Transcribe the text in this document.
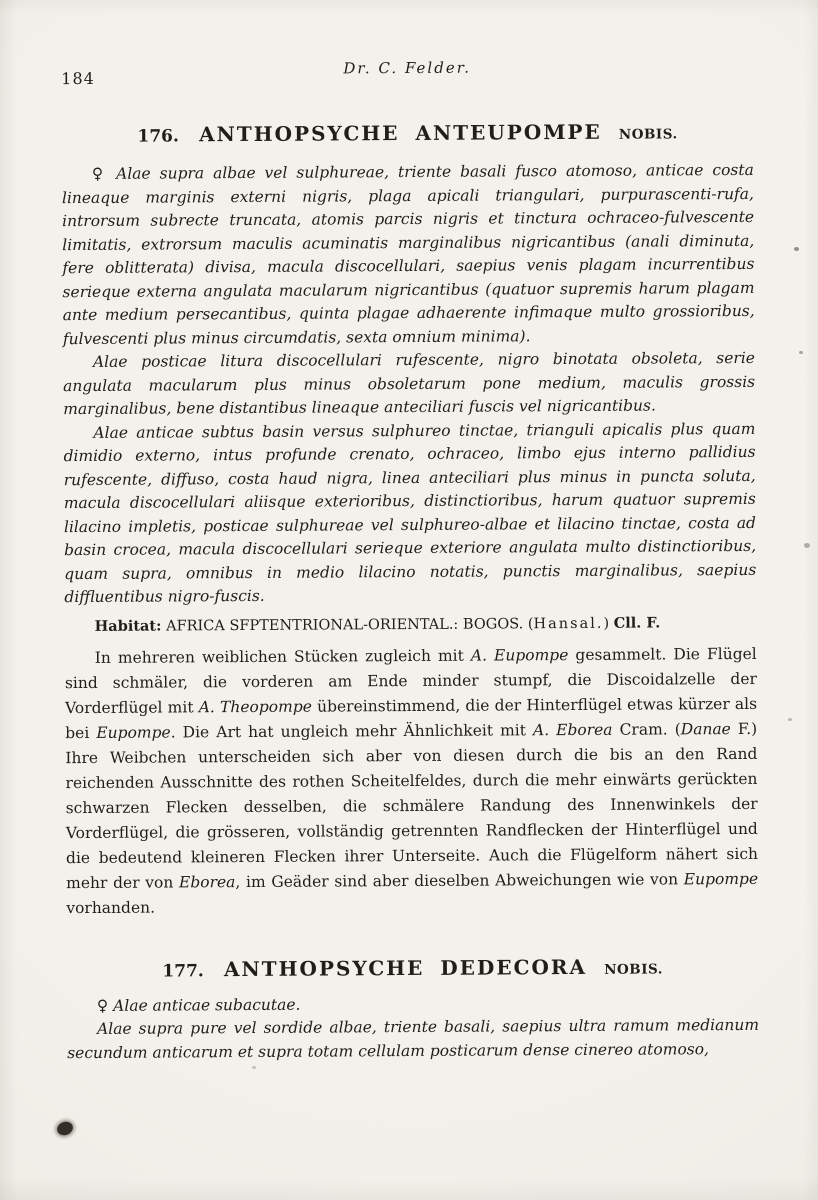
184
Dr. C. Felder.
176. ANTHOPSYCHE ANTEUPOMPE NOBIS.

♀ Alae supra albae vel sulphureae, triente basali fusco atomoso, anticae costa lineaque marginis externi nigris, plaga apicali triangulari, purpurascenti-rufa, introrsum subrecte truncata, atomis parcis nigris et tinctura ochraceo-fulvescente limitatis, extrorsum maculis acuminatis marginalibus nigricantibus (anali diminuta, fere oblitterata) divisa, macula discocellulari, saepius venis plagam incurrentibus serieque externa angulata macularum nigricantibus (quatuor supremis harum plagam ante medium persecantibus, quinta plagae adhaerente infimaque multo grossioribus, fulvescenti plus minus circumdatis, sexta omnium minima).

Alae posticae litura discocellulari rufescente, nigro binotata obsoleta, serie angulata macularum plus minus obsoletarum pone medium, maculis grossis marginalibus, bene distantibus lineaque anteciliari fuscis vel nigricantibus.

Alae anticae subtus basin versus sulphureo tinctae, trianguli apicalis plus quam dimidio externo, intus profunde crenato, ochraceo, limbo ejus interno pallidius rufescente, diffuso, costa haud nigra, linea anteciliari plus minus in puncta soluta, macula discocellulari aliisque exterioribus, distinctioribus, harum quatuor supremis lilacino impletis, posticae sulphureae vel sulphureo-albae et lilacino tinctae, costa ad basin crocea, macula discocellulari serieque exteriore angulata multo distinctioribus, quam supra, omnibus in medio lilacino notatis, punctis marginalibus, saepius diffluentibus nigro-fuscis.

Habitat: AFRICA SFPTENTRIONAL-ORIENTAL.: BOGOS. (Hansal.) Cll. F.

In mehreren weiblichen Stücken zugleich mit A. Eupompe gesammelt. Die Flügel sind schmäler, die vorderen am Ende minder stumpf, die Discoidalzelle der Vorderflügel mit A. Theopompe übereinstimmend, die der Hinterflügel etwas kürzer als bei Eupompe. Die Art hat ungleich mehr Ähnlichkeit mit A. Eborea Cram. (Danae F.) Ihre Weibchen unterscheiden sich aber von diesen durch die bis an den Rand reichenden Ausschnitte des rothen Scheitelfeldes, durch die mehr einwärts gerückten schwarzen Flecken desselben, die schmälere Randung des Innenwinkels der Vorderflügel, die grösseren, vollständig getrennten Randflecken der Hinterflügel und die bedeutend kleineren Flecken ihrer Unterseite. Auch die Flügelform nähert sich mehr der von Eborea, im Geäder sind aber dieselben Abweichungen wie von Eupompe vorhanden.

177. ANTHOPSYCHE DEDECORA NOBIS.

♀ Alae anticae subacutae.

Alae supra pure vel sordide albae, triente basali, saepius ultra ramum medianum secundum anticarum et supra totam cellulam posticarum dense cinereo atomoso,
